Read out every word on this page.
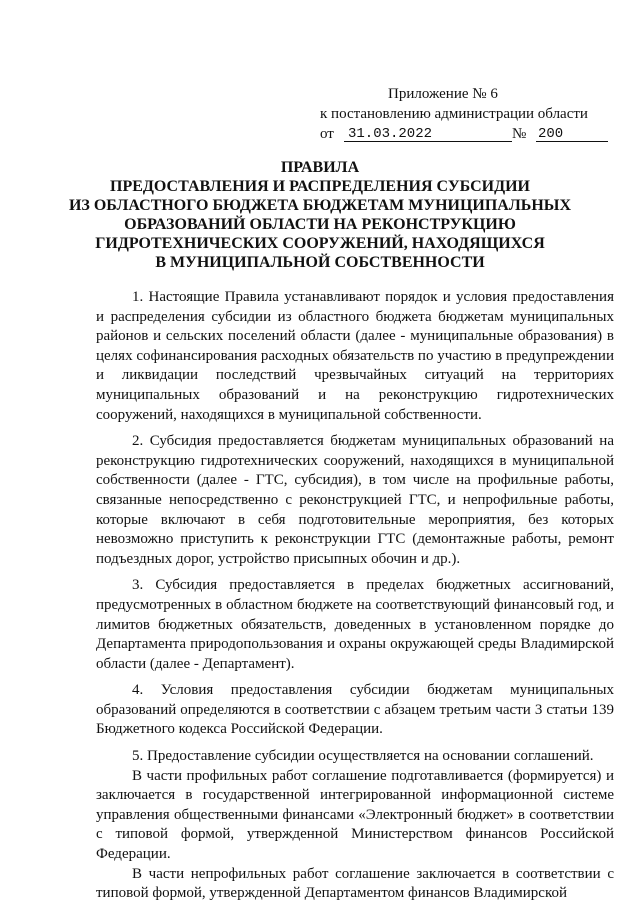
Приложение № 6
к постановлению администрации области
от 31.03.2022	№ 200
ПРАВИЛА
ПРЕДОСТАВЛЕНИЯ И РАСПРЕДЕЛЕНИЯ СУБСИДИИ
ИЗ ОБЛАСТНОГО БЮДЖЕТА БЮДЖЕТАМ МУНИЦИПАЛЬНЫХ
ОБРАЗОВАНИЙ ОБЛАСТИ НА РЕКОНСТРУКЦИЮ
ГИДРОТЕХНИЧЕСКИХ СООРУЖЕНИЙ, НАХОДЯЩИХСЯ
В МУНИЦИПАЛЬНОЙ СОБСТВЕННОСТИ

1. Настоящие Правила устанавливают порядок и условия предоставления и распределения субсидии из областного бюджета бюджетам муниципальных районов и сельских поселений области (далее - муниципальные образования) в целях софинансирования расходных обязательств по участию в предупреждении и ликвидации последствий чрезвычайных ситуаций на территориях муниципальных образований и на реконструкцию гидротехнических сооружений, находящихся в муниципальной собственности.

2. Субсидия предоставляется бюджетам муниципальных образований на реконструкцию гидротехнических сооружений, находящихся в муниципальной собственности (далее - ГТС, субсидия), в том числе на профильные работы, связанные непосредственно с реконструкцией ГТС, и непрофильные работы, которые включают в себя подготовительные мероприятия, без которых невозможно приступить к реконструкции ГТС (демонтажные работы, ремонт подъездных дорог, устройство присыпных обочин и др.).

3. Субсидия предоставляется в пределах бюджетных ассигнований, предусмотренных в областном бюджете на соответствующий финансовый год, и лимитов бюджетных обязательств, доведенных в установленном порядке до Департамента природопользования и охраны окружающей среды Владимирской области (далее - Департамент).

4. Условия предоставления субсидии бюджетам муниципальных образований определяются в соответствии с абзацем третьим части 3 статьи 139 Бюджетного кодекса Российской Федерации.

5. Предоставление субсидии осуществляется на основании соглашений.

В части профильных работ соглашение подготавливается (формируется) и заключается в государственной интегрированной информационной системе управления общественными финансами «Электронный бюджет» в соответствии с типовой формой, утвержденной Министерством финансов Российской Федерации.

В части непрофильных работ соглашение заключается в соответствии с типовой формой, утвержденной Департаментом финансов Владимирской
